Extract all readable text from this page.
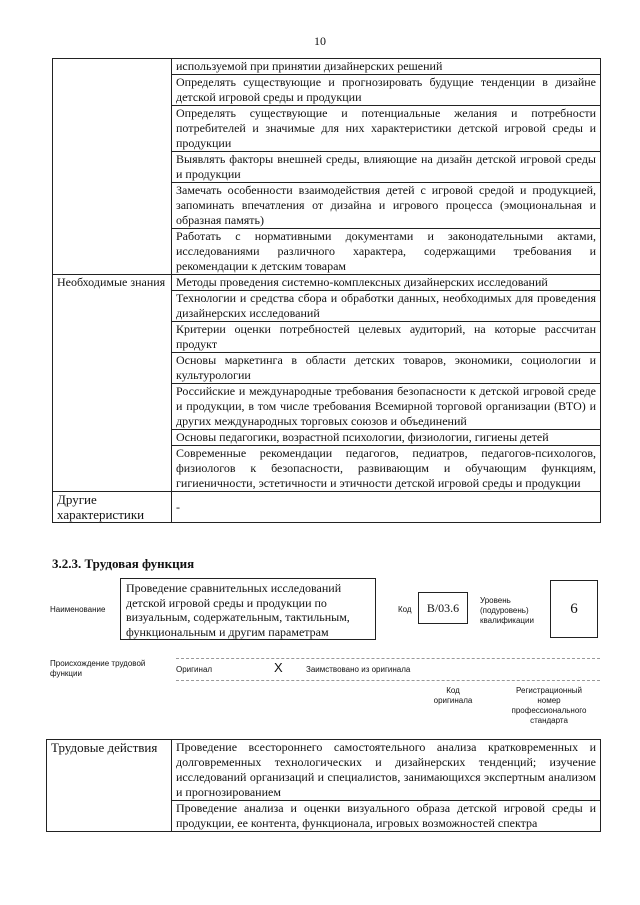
10
	используемой при принятии дизайнерских решений
	Определять существующие и прогнозировать будущие тенденции в дизайне детской игровой среды и продукции
	Определять существующие и потенциальные желания и потребности потребителей и значимые для них характеристики детской игровой среды и продукции
	Выявлять факторы внешней среды, влияющие на дизайн детской игровой среды и продукции
	Замечать особенности взаимодействия детей с игровой средой и продукцией, запоминать впечатления от дизайна и игрового процесса (эмоциональная и образная память)
	Работать с нормативными документами и законодательными актами, исследованиями различного характера, содержащими требования и рекомендации к детским товарам
Необходимые знания	Методы проведения системно-комплексных дизайнерских исследований
	Технологии и средства сбора и обработки данных, необходимых для проведения дизайнерских исследований
	Критерии оценки потребностей целевых аудиторий, на которые рассчитан продукт
	Основы маркетинга в области детских товаров, экономики, социологии и культурологии
	Российские и международные требования безопасности к детской игровой среде и продукции, в том числе требования Всемирной торговой организации (ВТО) и других международных торговых союзов и объединений
	Основы педагогики, возрастной психологии, физиологии, гигиены детей
	Современные рекомендации педагогов, педиатров, педагогов-психологов, физиологов к безопасности, развивающим и обучающим функциям, гигиеничности, эстетичности и этичности детской игровой среды и продукции
Другие характеристики	-
3.2.3. Трудовая функция
Наименование
Проведение сравнительных исследований детской игровой среды и продукции по визуальным, содержательным, тактильным, функциональным и другим параметрам
Код	В/03.6	Уровень (подуровень) квалификации
6
Происхождение трудовой функции	Оригинал	X	Заимствовано из оригинала
Код оригинала
Регистрационный номер профессионального стандарта
Трудовые действия	Проведение всестороннего самостоятельного анализа кратковременных и долговременных технологических и дизайнерских тенденций; изучение исследований организаций и специалистов, занимающихся экспертным анализом и прогнозированием
Проведение анализа и оценки визуального образа детской игровой среды и продукции, ее контента, функционала, игровых возможностей спектра
